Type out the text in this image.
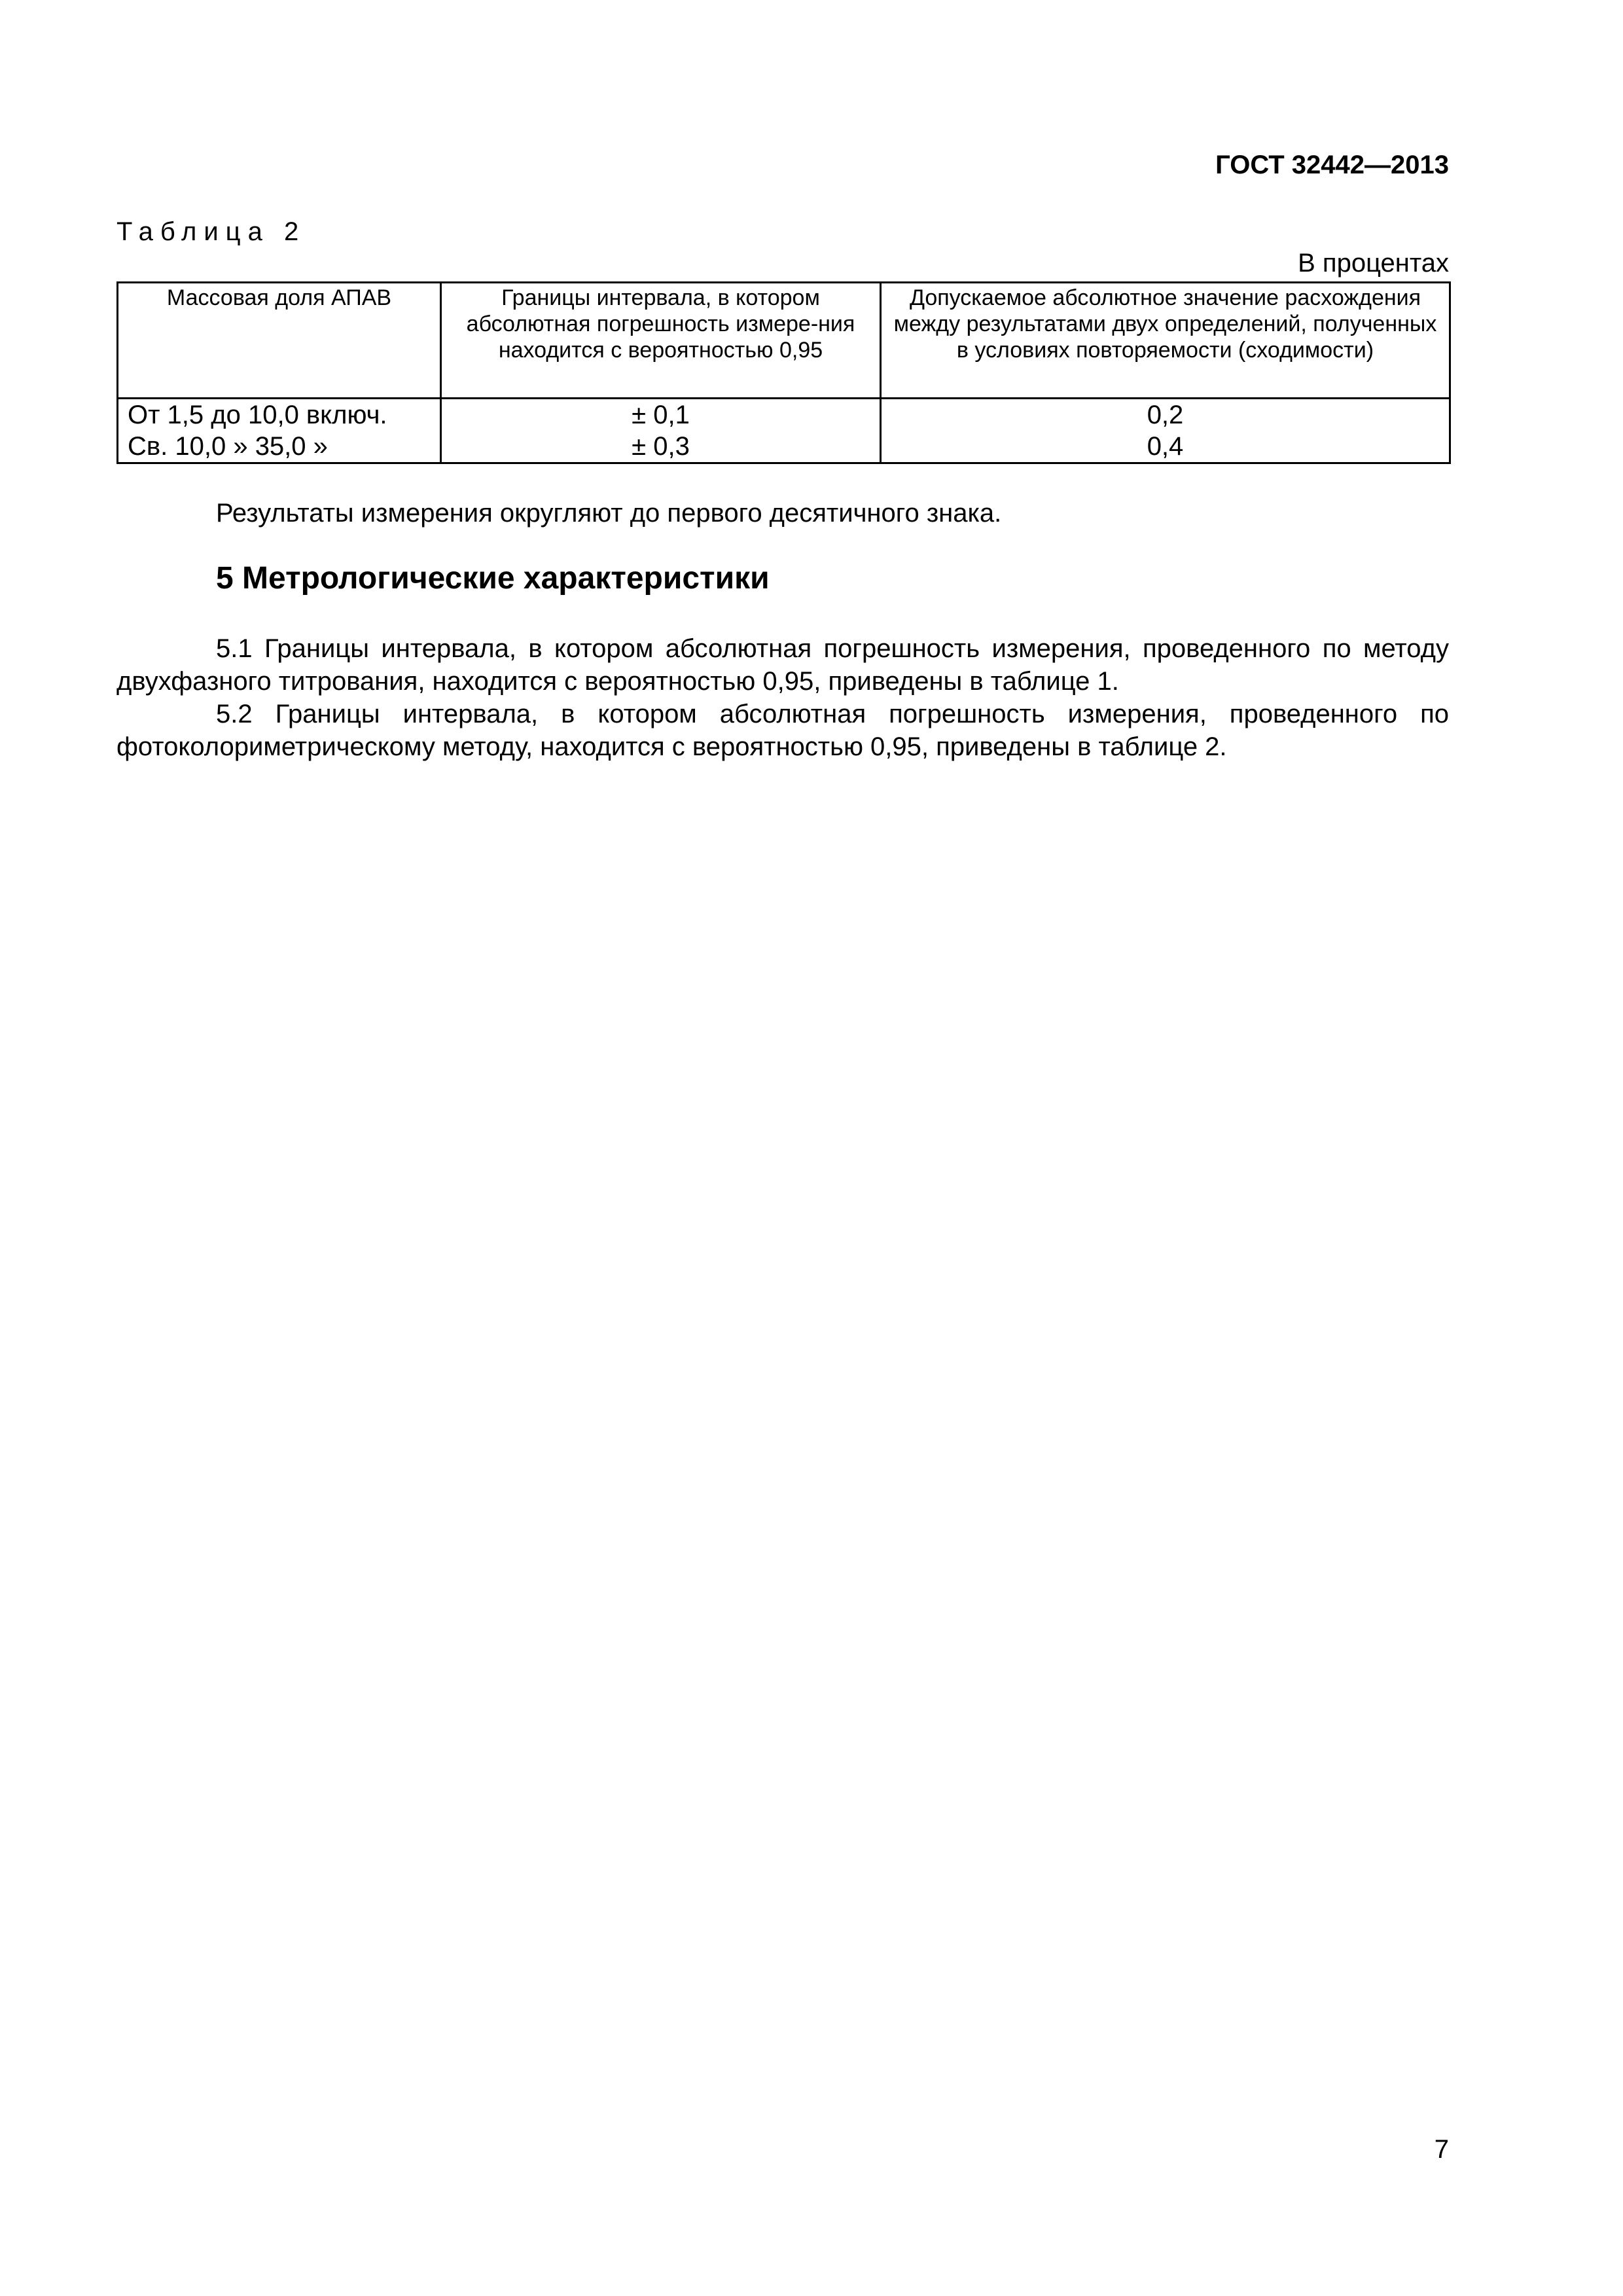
ГОСТ 32442—2013
Таблица 2
В процентах
Массовая доля АПАВ	Границы интервала, в котором абсолютная погрешность измере-ния находится с вероятностью 0,95	Допускаемое абсолютное значение расхождения между результатами двух определений, полученных в условиях повторяемости (сходимости)
От 1,5 до 10,0 включ.	± 0,1	0,2
Св. 10,0 » 35,0 »	± 0,3	0,4
Результаты измерения округляют до первого десятичного знака.
5 Метрологические характеристики
5.1 Границы интервала, в котором абсолютная погрешность измерения, проведенного по методу двухфазного титрования, находится с вероятностью 0,95, приведены в таблице 1.
5.2 Границы интервала, в котором абсолютная погрешность измерения, проведенного по фотоколориметрическому методу, находится с вероятностью 0,95, приведены в таблице 2.
7
